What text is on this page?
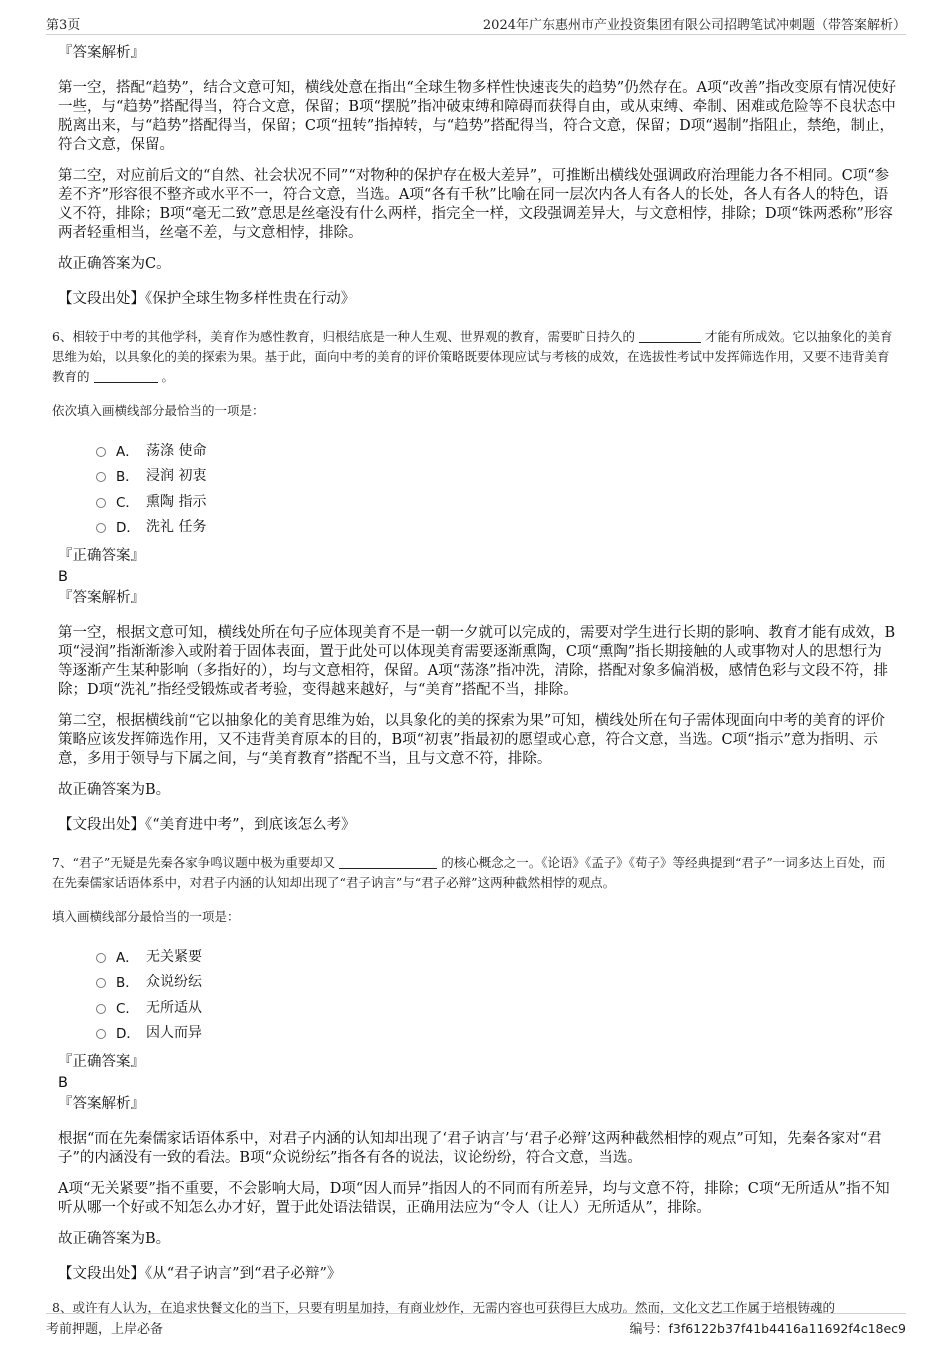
第3页	2024年广东惠州市产业投资集团有限公司招聘笔试冲刺题（带答案解析）
『答案解析』
第一空，搭配“趋势”，结合文意可知，横线处意在指出“全球生物多样性快速丧失的趋势”仍然存在。A项“改善”指改变原有情况使好一些，与“趋势”搭配得当，符合文意，保留；B项“摆脱”指冲破束缚和障碍而获得自由，或从束缚、牵制、困难或危险等不良状态中脱离出来，与“趋势”搭配得当，保留；C项“扭转”指掉转，与“趋势”搭配得当，符合文意，保留；D项“遏制”指阻止，禁绝，制止，符合文意，保留。
第二空，对应前后文的“自然、社会状况不同”“对物种的保护存在极大差异”，可推断出横线处强调政府治理能力各不相同。C项“参差不齐”形容很不整齐或水平不一，符合文意，当选。A项“各有千秋”比喻在同一层次内各人有各人的长处，各人有各人的特色，语义不符，排除；B项“毫无二致”意思是丝毫没有什么两样，指完全一样，文段强调差异大，与文意相悖，排除；D项“铢两悉称”形容两者轻重相当，丝毫不差，与文意相悖，排除。
故正确答案为C。
【文段出处】《保护全球生物多样性贵在行动》
6、相较于中考的其他学科，美育作为感性教育，归根结底是一种人生观、世界观的教育，需要旷日持久的	才能有所成效。它以抽象化的美育思维为始，以具象化的美的探索为果。基于此，面向中考的美育的评价策略既要体现应试与考核的成效，在选拔性考试中发挥筛选作用，又要不违背美育教育的	。
依次填入画横线部分最恰当的一项是：
A． 荡涤 使命
B． 浸润 初衷
C． 熏陶 指示
D． 洗礼 任务
『正确答案』
B
『答案解析』
第一空，根据文意可知，横线处所在句子应体现美育不是一朝一夕就可以完成的，需要对学生进行长期的影响、教育才能有成效，B项“浸润”指渐渐渗入或附着于固体表面，置于此处可以体现美育需要逐渐熏陶，C项“熏陶”指长期接触的人或事物对人的思想行为等逐渐产生某种影响（多指好的），均与文意相符，保留。A项“荡涤”指冲洗，清除，搭配对象多偏消极，感情色彩与文段不符，排除；D项“洗礼”指经受锻炼或者考验，变得越来越好，与“美育”搭配不当，排除。
第二空，根据横线前“它以抽象化的美育思维为始，以具象化的美的探索为果”可知，横线处所在句子需体现面向中考的美育的评价策略应该发挥筛选作用，又不违背美育原本的目的，B项“初衷”指最初的愿望或心意，符合文意，当选。C项“指示”意为指明、示意，多用于领导与下属之间，与“美育教育”搭配不当，且与文意不符，排除。
故正确答案为B。
【文段出处】《“美育进中考”，到底该怎么考》
7、“君子”无疑是先秦各家争鸣议题中极为重要却又	的核心概念之一。《论语》《孟子》《荀子》等经典提到“君子”一词多达上百处，而在先秦儒家话语体系中，对君子内涵的认知却出现了“君子讷言”与“君子必辩”这两种截然相悖的观点。
填入画横线部分最恰当的一项是：
A． 无关紧要
B． 众说纷纭
C． 无所适从
D． 因人而异
『正确答案』
B
『答案解析』
根据“而在先秦儒家话语体系中，对君子内涵的认知却出现了‘君子讷言’与‘君子必辩’这两种截然相悖的观点”可知，先秦各家对“君子”的内涵没有一致的看法。B项“众说纷纭”指各有各的说法，议论纷纷，符合文意，当选。
A项“无关紧要”指不重要，不会影响大局，D项“因人而异”指因人的不同而有所差异，均与文意不符，排除；C项“无所适从”指不知听从哪一个好或不知怎么办才好，置于此处语法错误，正确用法应为“令人（让人）无所适从”，排除。
故正确答案为B。
【文段出处】《从“君子讷言”到“君子必辩”》
8、或许有人认为，在追求快餐文化的当下，只要有明星加持，有商业炒作，无需内容也可获得巨大成功。然而，文化文艺工作属于培根铸魂的
考前押题，上岸必备	编号：f3f6122b37f41b4416a11692f4c18ec9
